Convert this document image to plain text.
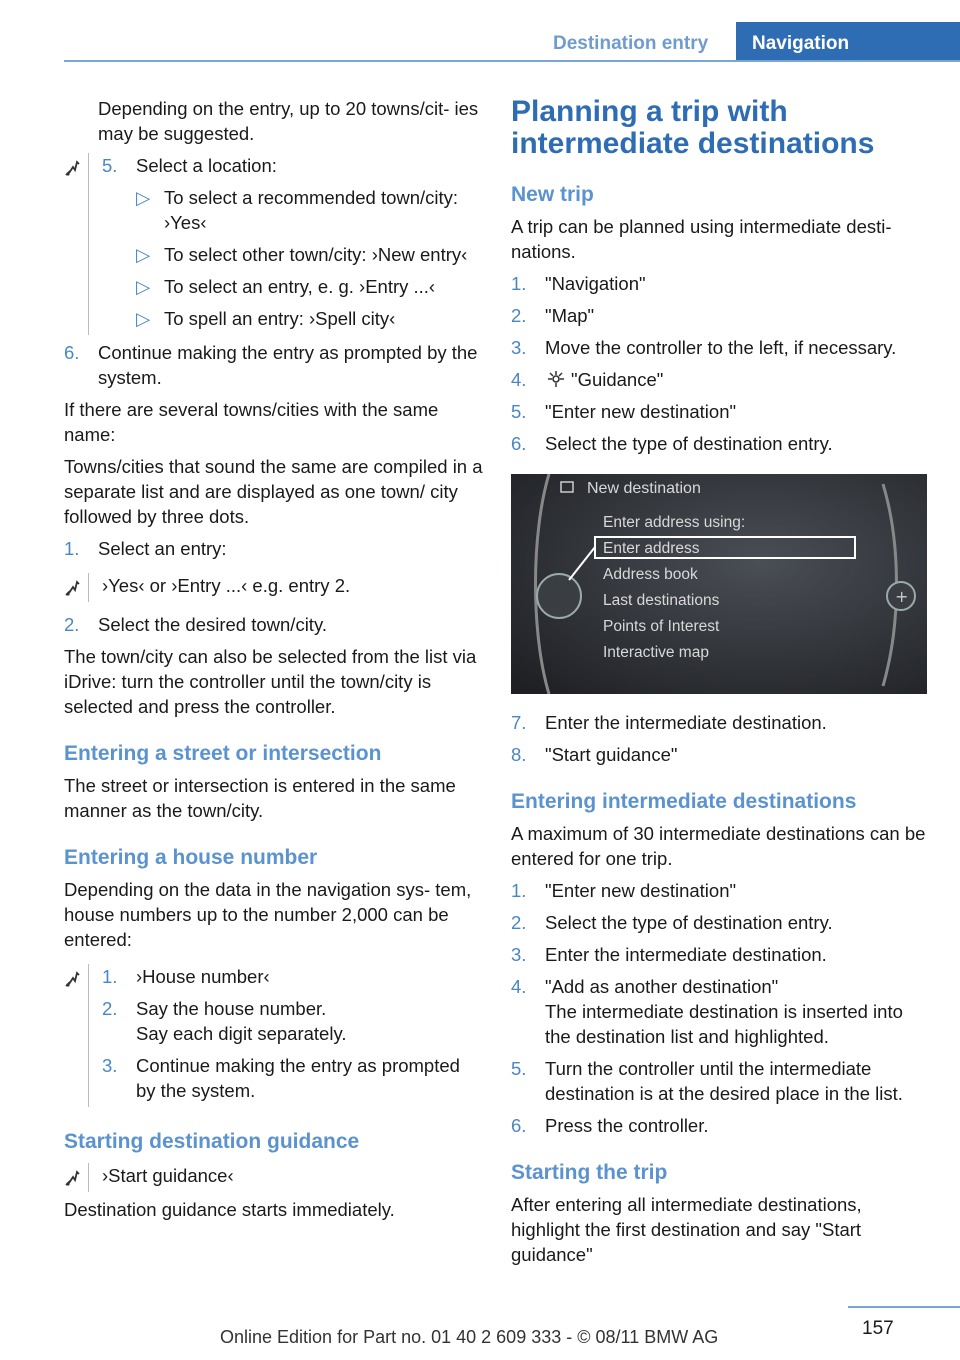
Destination entry	Navigation

Depending on the entry, up to 20 towns/cit- ies may be suggested.

5.	Select a location:
▷ To select a recommended town/city: ›Yes‹
▷ To select other town/city: ›New entry‹
▷ To select an entry, e. g. ›Entry ...‹
▷ To spell an entry: ›Spell city‹
6.	Continue making the entry as prompted by the system.

If there are several towns/cities with the same name:

Towns/cities that sound the same are compiled in a separate list and are displayed as one town/ city followed by three dots.

1.	Select an entry:
›Yes‹ or ›Entry ...‹ e.g. entry 2.
2.	Select the desired town/city.

The town/city can also be selected from the list via iDrive: turn the controller until the town/city is selected and press the controller.

Entering a street or intersection

The street or intersection is entered in the same manner as the town/city.

Entering a house number

Depending on the data in the navigation sys- tem, house numbers up to the number 2,000 can be entered:

1.	›House number‹
2.	Say the house number.
Say each digit separately.
3.	Continue making the entry as prompted by the system.
Starting destination guidance
›Start guidance‹

Destination guidance starts immediately.

Planning a trip with intermediate destinations
New trip

A trip can be planned using intermediate desti- nations.

1.	"Navigation"
2.	"Map"
3.	Move the controller to the left, if necessary.
4.	"Guidance"
5.	"Enter new destination"
6.	Select the type of destination entry.
+
New destination
Enter address using:
Enter address
Address book
Last destinations
Points of Interest
Interactive map
7.	Enter the intermediate destination.
8.	"Start guidance"
Entering intermediate destinations

A maximum of 30 intermediate destinations can be entered for one trip.

1.	"Enter new destination"
2.	Select the type of destination entry.
3.	Enter the intermediate destination.
4.	"Add as another destination"
The intermediate destination is inserted into the destination list and highlighted.
5.	Turn the controller until the intermediate destination is at the desired place in the list.
6.	Press the controller.
Starting the trip

After entering all intermediate destinations, highlight the first destination and say "Start guidance"

157
Online Edition for Part no. 01 40 2 609 333 - © 08/11 BMW AG
